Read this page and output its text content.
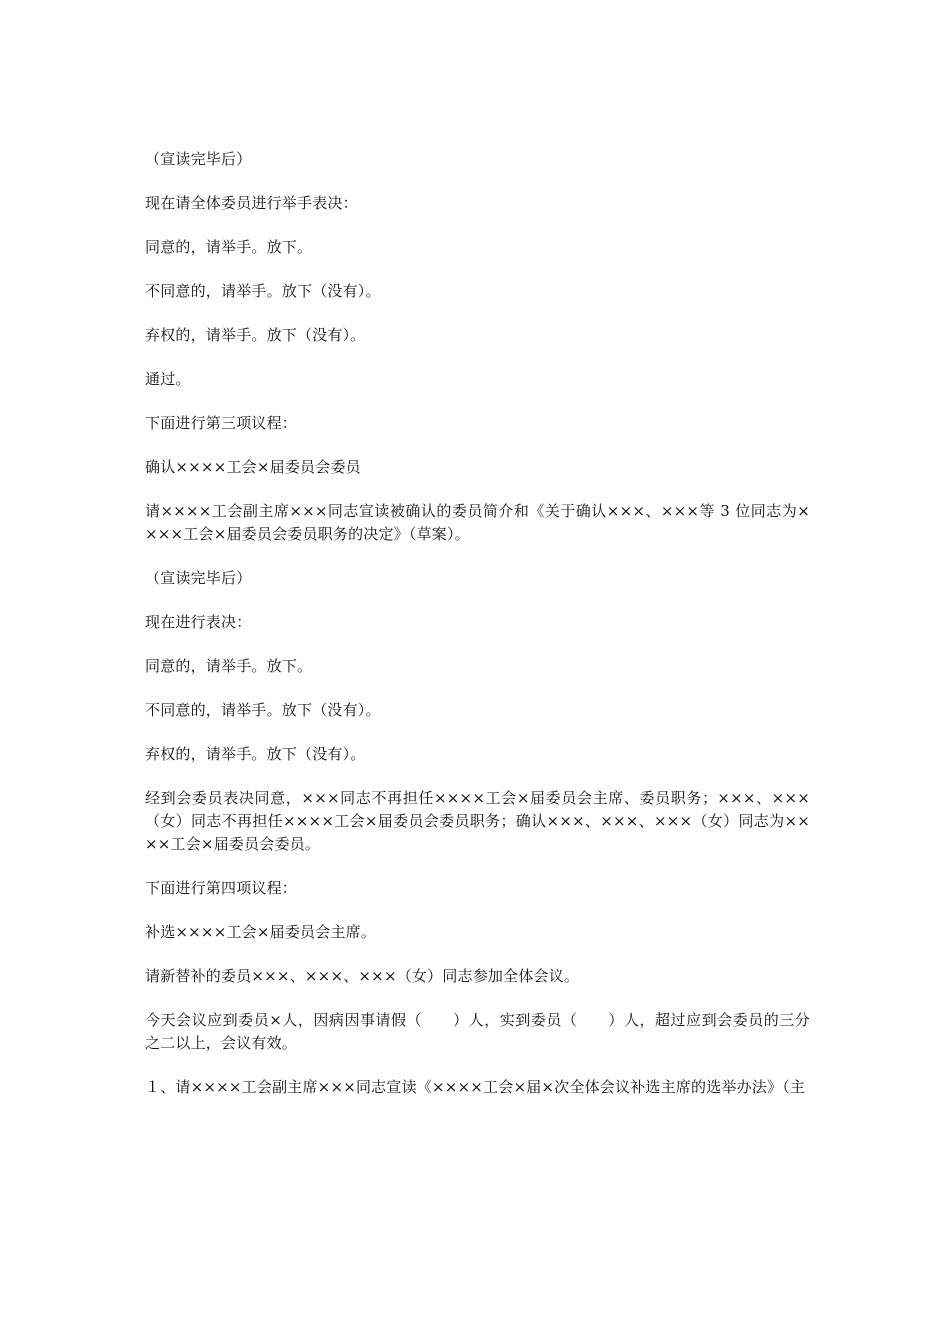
（宣读完毕后）

现在请全体委员进行举手表决：

同意的，请举手。放下。

不同意的，请举手。放下（没有）。

弃权的，请举手。放下（没有）。

通过。

下面进行第三项议程：

确认××××工会×届委员会委员

请××××工会副主席×××同志宣读被确认的委员简介和《关于确认×××、×××等 3 位同志为××××工会×届委员会委员职务的决定》（草案）。

（宣读完毕后）

现在进行表决：

同意的，请举手。放下。

不同意的，请举手。放下（没有）。

弃权的，请举手。放下（没有）。

经到会委员表决同意，×××同志不再担任××××工会×届委员会主席、委员职务；×××、×××（女）同志不再担任××××工会×届委员会委员职务；确认×××、×××、×××（女）同志为××××工会×届委员会委员。

下面进行第四项议程：

补选××××工会×届委员会主席。

请新替补的委员×××、×××、×××（女）同志参加全体会议。

今天会议应到委员×人，因病因事请假（　　）人，实到委员（　　）人，超过应到会委员的三分之二以上，会议有效。

１、请××××工会副主席×××同志宣读《××××工会×届×次全体会议补选主席的选举办法》（主
